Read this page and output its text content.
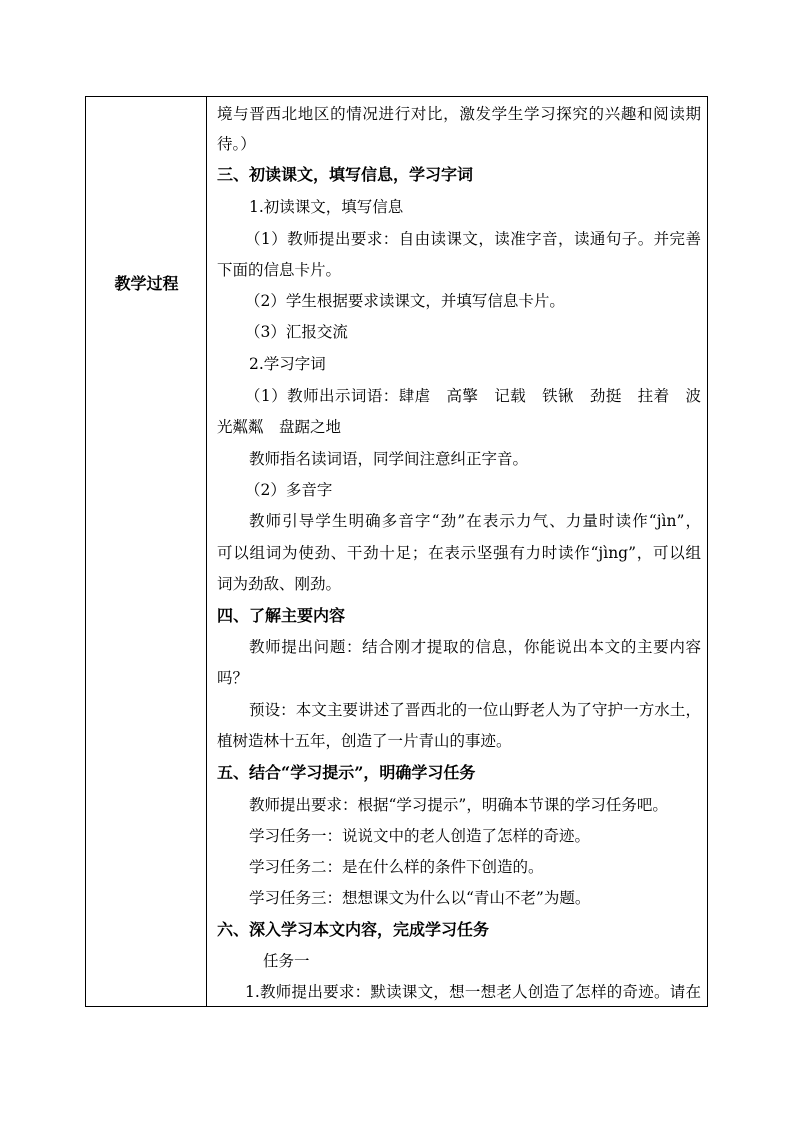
教学过程
境与晋西北地区的情况进行对比，激发学生学习探究的兴趣和阅读期
待。）
三、初读课文，填写信息，学习字词
1.初读课文，填写信息
（1）教师提出要求：自由读课文，读准字音，读通句子。并完善
下面的信息卡片。
（2）学生根据要求读课文，并填写信息卡片。
（3）汇报交流
2.学习字词
（1）教师出示词语：肆虐　高擎　记载　铁锹　劲挺　拄着　波
光粼粼　盘踞之地
教师指名读词语，同学间注意纠正字音。
（2）多音字
教师引导学生明确多音字“劲”在表示力气、力量时读作“jìn”，
可以组词为使劲、干劲十足；在表示坚强有力时读作“jìng”，可以组
词为劲敌、刚劲。
四、了解主要内容
教师提出问题：结合刚才提取的信息，你能说出本文的主要内容
吗？
预设：本文主要讲述了晋西北的一位山野老人为了守护一方水土，
植树造林十五年，创造了一片青山的事迹。
五、结合“学习提示”，明确学习任务
教师提出要求：根据“学习提示”，明确本节课的学习任务吧。
学习任务一：说说文中的老人创造了怎样的奇迹。
学习任务二：是在什么样的条件下创造的。
学习任务三：想想课文为什么以“青山不老”为题。
六、深入学习本文内容，完成学习任务
任务一
1.教师提出要求：默读课文，想一想老人创造了怎样的奇迹。请在
